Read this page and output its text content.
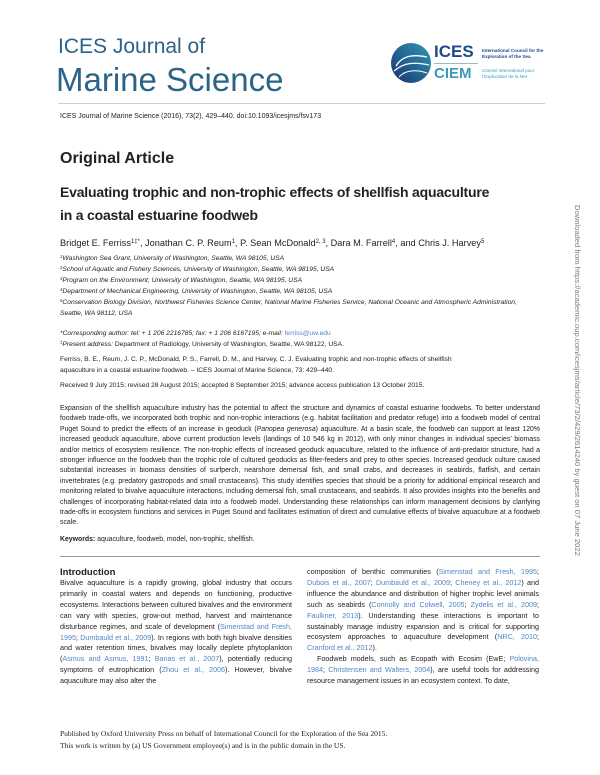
ICES Journal of
Marine Science
ICES
CIEM
International Council for the Exploration of the Sea
Conseil International pour l’Exploration de la Mer
ICES Journal of Marine Science (2016), 73(2), 429–440. doi:10.1093/icesjms/fsv173
Original Article
Evaluating trophic and non-trophic effects of shellfish aquaculture in a coastal estuarine foodweb
Bridget E. Ferriss$^{1\ddagger*}$, Jonathan C. P. Reum$^1$, P. Sean McDonald$^{2, 3}$, Dara M. Farrell$^4$, and Chris J. Harvey$^5$
$^1$Washington Sea Grant, University of Washington, Seattle, WA 98105, USA
$^2$School of Aquatic and Fishery Sciences, University of Washington, Seattle, WA 98195, USA
$^3$Program on the Environment, University of Washington, Seattle, WA 98195, USA
$^4$Department of Mechanical Engineering, University of Washington, Seattle, WA 98105, USA
$^5$Conservation Biology Division, Northwest Fisheries Science Center, National Marine Fisheries Service, National Oceanic and Atmospheric Administration, Seattle, WA 98112, USA
*Corresponding author: tel: + 1 206 2216785; fax: + 1 206 6167195; e-mail: ferriss@uw.edu
‡Present address: Department of Radiology, University of Washington, Seattle, WA 98122, USA.
Ferriss, B. E., Reum, J. C. P., McDonald, P. S., Farrell, D. M., and Harvey, C. J. Evaluating trophic and non-trophic effects of shellfish aquaculture in a coastal estuarine foodweb. – ICES Journal of Marine Science, 73: 429–440.
Received 9 July 2015; revised 28 August 2015; accepted 8 September 2015; advance access publication 13 October 2015.
Expansion of the shellfish aquaculture industry has the potential to affect the structure and dynamics of coastal estuarine foodwebs. To better understand foodweb trade-offs, we incorporated both trophic and non-trophic interactions (e.g. habitat facilitation and predator refuge) into a foodweb model of central Puget Sound to predict the effects of an increase in geoduck (Panopea generosa) aquaculture. At a basin scale, the foodweb can support at least 120% increased geoduck aquaculture, above current production levels (landings of 10 546 kg in 2012), with only minor changes in individual species’ biomass and/or metrics of ecosystem resilience. The non-trophic effects of increased geoduck aquaculture, related to the influence of anti-predator structure, had a stronger influence on the foodweb than the trophic role of cultured geoducks as filter-feeders and prey to other species. Increased geoduck culture caused substantial increases in biomass densities of surfperch, nearshore demersal fish, and small crabs, and decreases in seabirds, flatfish, and certain invertebrates (e.g. predatory gastropods and small crustaceans). This study identifies species that should be a priority for additional empirical research and monitoring related to bivalve aquaculture interactions, including demersal fish, small crustaceans, and seabirds. It also provides insights into the benefits and challenges of incorporating habitat-related data into a foodweb model. Understanding these relationships can inform management decisions by clarifying trade-offs in ecosystem functions and services in Puget Sound and facilitates estimation of direct and cumulative effects of bivalve aquaculture at a foodweb scale.
Keywords: aquaculture, foodweb, model, non-trophic, shellfish.
Introduction

Bivalve aquaculture is a rapidly growing, global industry that occurs primarily in coastal waters and depends on functioning, productive ecosystems. Interactions between cultured bivalves and the environment can vary with species, grow-out method, harvest and maintenance disturbance regimes, and scale of development (Simenstad and Fresh, 1995; Dumbauld et al., 2009). In regions with both high bivalve densities and water retention times, bivalves may locally deplete phytoplankton (Asmus and Asmus, 1991; Banas et al., 2007), potentially reducing symptoms of eutrophication (Zhou et al., 2006). However, bivalve aquaculture may also alter the

composition of benthic communities (Simenstad and Fresh, 1995; Dubois et al., 2007; Dumbauld et al., 2009; Cheney et al., 2012) and influence the abundance and distribution of higher trophic level animals such as seabirds (Connolly and Colwell, 2005; Zydelis et al., 2009; Faulkner, 2013). Understanding these interactions is important to sustainably manage industry expansion and is critical for supporting ecosystem approaches to aquaculture development (NRC, 2010; Cranford et al., 2012).

Foodweb models, such as Ecopath with Ecosim (EwE; Polovina, 1984; Christensen and Walters, 2004), are useful tools for addressing resource management issues in an ecosystem context. To date,

Published by Oxford University Press on behalf of International Council for the Exploration of the Sea 2015.
This work is written by (a) US Government employee(s) and is in the public domain in the US.
Downloaded from https://academic.oup.com/icesjms/article/73/2/429/2614240 by guest on 07 June 2022
